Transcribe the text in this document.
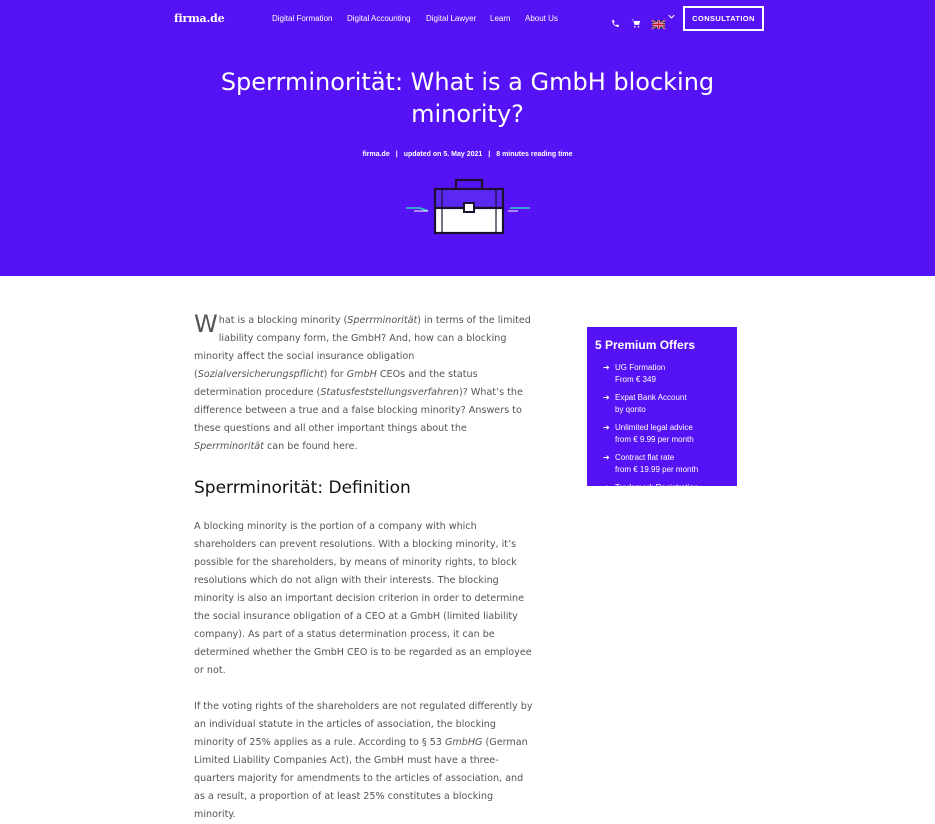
firma.de	Digital Formation Digital Accounting Digital Lawyer Learn About Us	CONSULTATION
Sperrminorität: What is a GmbH blocking minority?
firma.de | updated on 5. May 2021 | 8 minutes reading time

What is a blocking minority (Sperrminorität) in terms of the limited liability company form, the GmbH? And, how can a blocking minority affect the social insurance obligation (Sozialversicherungspflicht) for GmbH CEOs and the status determination procedure (Statusfeststellungsverfahren)? What’s the difference between a true and a false blocking minority? Answers to these questions and all other important things about the Sperrminorität can be found here.

Sperrminorität: Definition

A blocking minority is the portion of a company with which shareholders can prevent resolutions. With a blocking minority, it’s possible for the shareholders, by means of minority rights, to block resolutions which do not align with their interests. The blocking minority is also an important decision criterion in order to determine the social insurance obligation of a CEO at a GmbH (limited liability company). As part of a status determination process, it can be determined whether the GmbH CEO is to be regarded as an employee or not.

If the voting rights of the shareholders are not regulated differently by an individual statute in the articles of association, the blocking minority of 25% applies as a rule. According to § 53 GmbHG (German Limited Liability Companies Act), the GmbH must have a three-quarters majority for amendments to the articles of association, and as a result, a proportion of at least 25% constitutes a blocking minority.

5 Premium Offers
➔ UG Formation
From € 349
➔ Expat Bank Account
by qonto
➔ Unlimited legal advice
from € 9.99 per month
➔ Contract flat rate
from € 19.99 per month
➔ Trademark Registration
